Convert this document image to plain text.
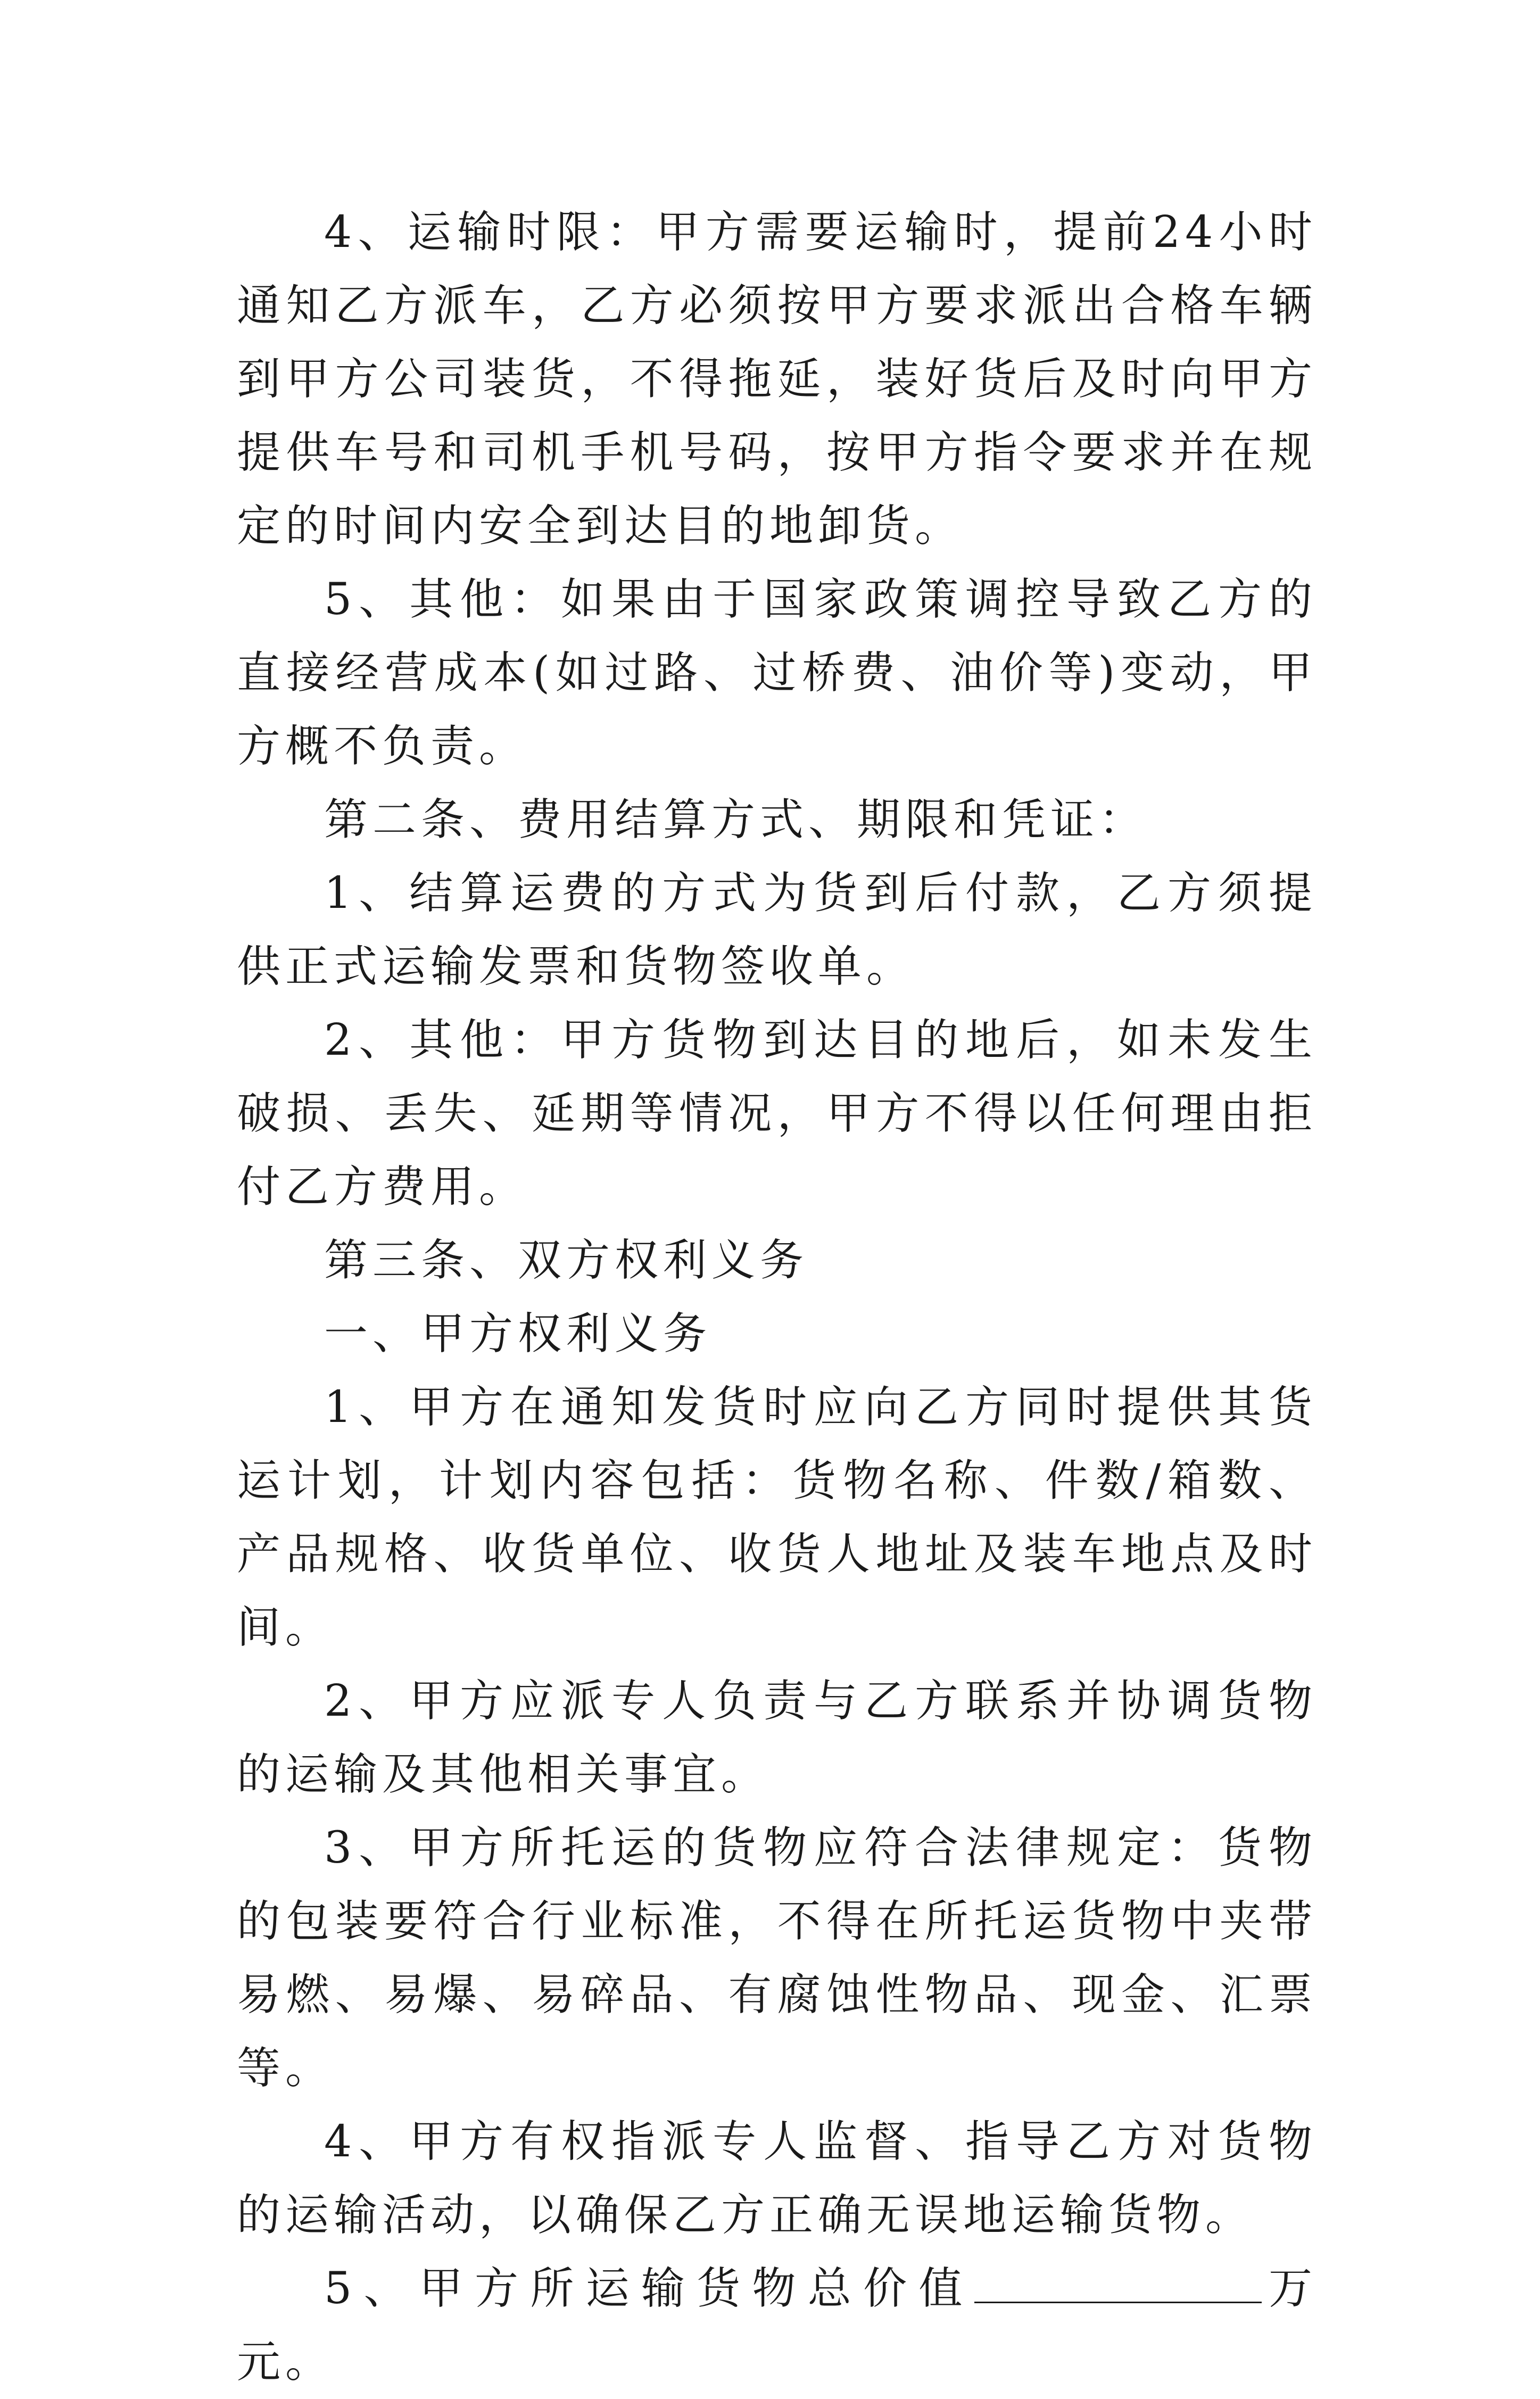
4、运输时限：甲方需要运输时，提前24小时通知乙方派车，乙方必须按甲方要求派出合格车辆到甲方公司装货，不得拖延，装好货后及时向甲方提供车号和司机手机号码，按甲方指令要求并在规定的时间内安全到达目的地卸货。

5、其他：如果由于国家政策调控导致乙方的直接经营成本(如过路、过桥费、油价等)变动，甲方概不负责。

第二条、费用结算方式、期限和凭证：

1、结算运费的方式为货到后付款，乙方须提供正式运输发票和货物签收单。

2、其他：甲方货物到达目的地后，如未发生破损、丢失、延期等情况，甲方不得以任何理由拒付乙方费用。

第三条、双方权利义务

一、甲方权利义务

1、甲方在通知发货时应向乙方同时提供其货运计划，计划内容包括：货物名称、件数/箱数、产品规格、收货单位、收货人地址及装车地点及时间。

2、甲方应派专人负责与乙方联系并协调货物的运输及其他相关事宜。

3、甲方所托运的货物应符合法律规定：货物的包装要符合行业标准，不得在所托运货物中夹带易燃、易爆、易碎品、有腐蚀性物品、现金、汇票等。

4、甲方有权指派专人监督、指导乙方对货物的运输活动，以确保乙方正确无误地运输货物。

5、甲方所运输货物总价值	万元。
